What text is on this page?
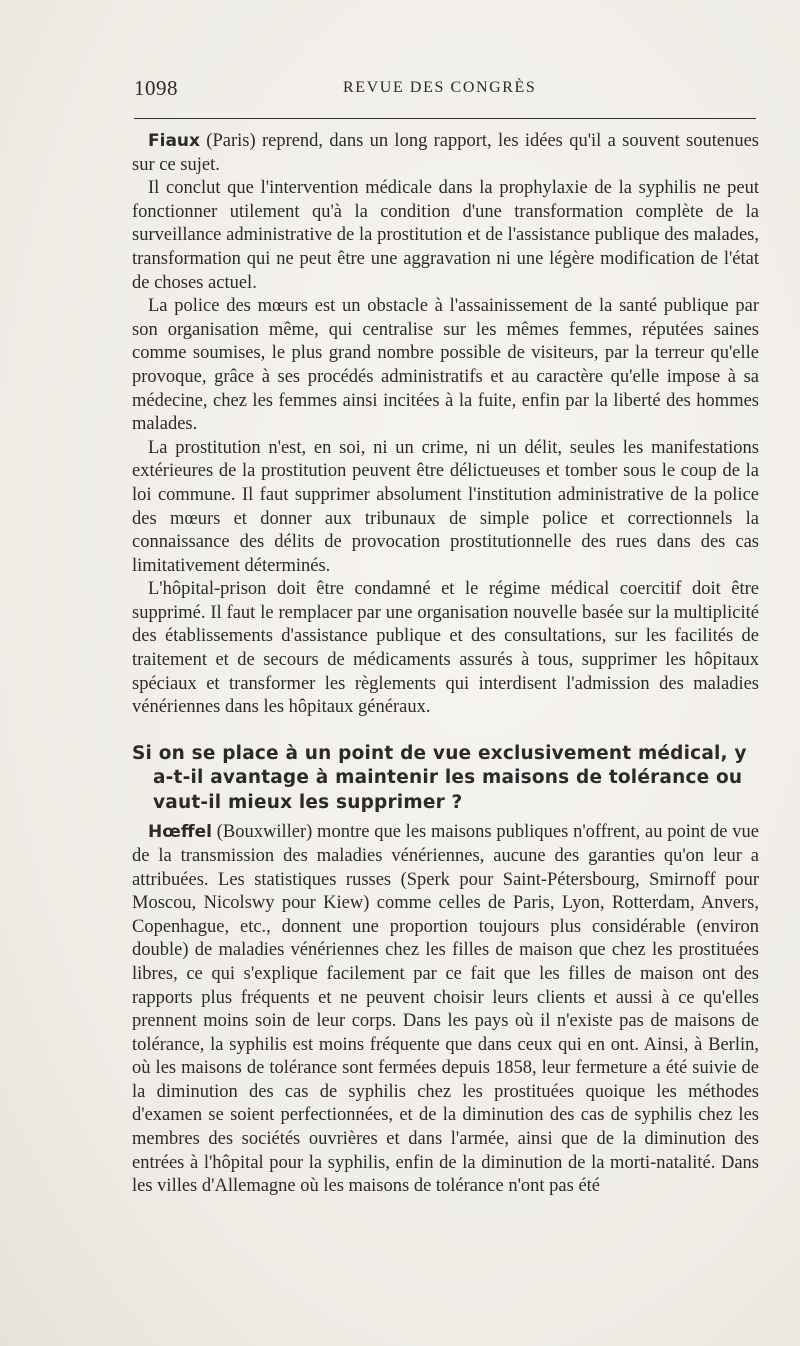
1098	REVUE DES CONGRÈS

Fiaux (Paris) reprend, dans un long rapport, les idées qu'il a souvent soutenues sur ce sujet.

Il conclut que l'intervention médicale dans la prophylaxie de la syphilis ne peut fonctionner utilement qu'à la condition d'une transformation complète de la surveillance administrative de la prostitution et de l'assistance publique des malades, transformation qui ne peut être une aggravation ni une légère modification de l'état de choses actuel.

La police des mœurs est un obstacle à l'assainissement de la santé publique par son organisation même, qui centralise sur les mêmes femmes, réputées saines comme soumises, le plus grand nombre possible de visiteurs, par la terreur qu'elle provoque, grâce à ses procédés administratifs et au caractère qu'elle impose à sa médecine, chez les femmes ainsi incitées à la fuite, enfin par la liberté des hommes malades.

La prostitution n'est, en soi, ni un crime, ni un délit, seules les manifestations extérieures de la prostitution peuvent être délictueuses et tomber sous le coup de la loi commune. Il faut supprimer absolument l'institution administrative de la police des mœurs et donner aux tribunaux de simple police et correctionnels la connaissance des délits de provocation prostitutionnelle des rues dans des cas limitativement déterminés.

L'hôpital-prison doit être condamné et le régime médical coercitif doit être supprimé. Il faut le remplacer par une organisation nouvelle basée sur la multiplicité des établissements d'assistance publique et des consultations, sur les facilités de traitement et de secours de médicaments assurés à tous, supprimer les hôpitaux spéciaux et transformer les règlements qui interdisent l'admission des maladies vénériennes dans les hôpitaux généraux.

Si on se place à un point de vue exclusivement médical, y a-t-il avantage à maintenir les maisons de tolérance ou vaut-il mieux les supprimer ?

Hœffel (Bouxwiller) montre que les maisons publiques n'offrent, au point de vue de la transmission des maladies vénériennes, aucune des garanties qu'on leur a attribuées. Les statistiques russes (Sperk pour Saint-Pétersbourg, Smirnoff pour Moscou, Nicolswy pour Kiew) comme celles de Paris, Lyon, Rotterdam, Anvers, Copenhague, etc., donnent une proportion toujours plus considérable (environ double) de maladies vénériennes chez les filles de maison que chez les prostituées libres, ce qui s'explique facilement par ce fait que les filles de maison ont des rapports plus fréquents et ne peuvent choisir leurs clients et aussi à ce qu'elles prennent moins soin de leur corps. Dans les pays où il n'existe pas de maisons de tolérance, la syphilis est moins fréquente que dans ceux qui en ont. Ainsi, à Berlin, où les maisons de tolérance sont fermées depuis 1858, leur fermeture a été suivie de la diminution des cas de syphilis chez les prostituées quoique les méthodes d'examen se soient perfectionnées, et de la diminution des cas de syphilis chez les membres des sociétés ouvrières et dans l'armée, ainsi que de la diminution des entrées à l'hôpital pour la syphilis, enfin de la diminution de la morti-natalité. Dans les villes d'Allemagne où les maisons de tolérance n'ont pas été
